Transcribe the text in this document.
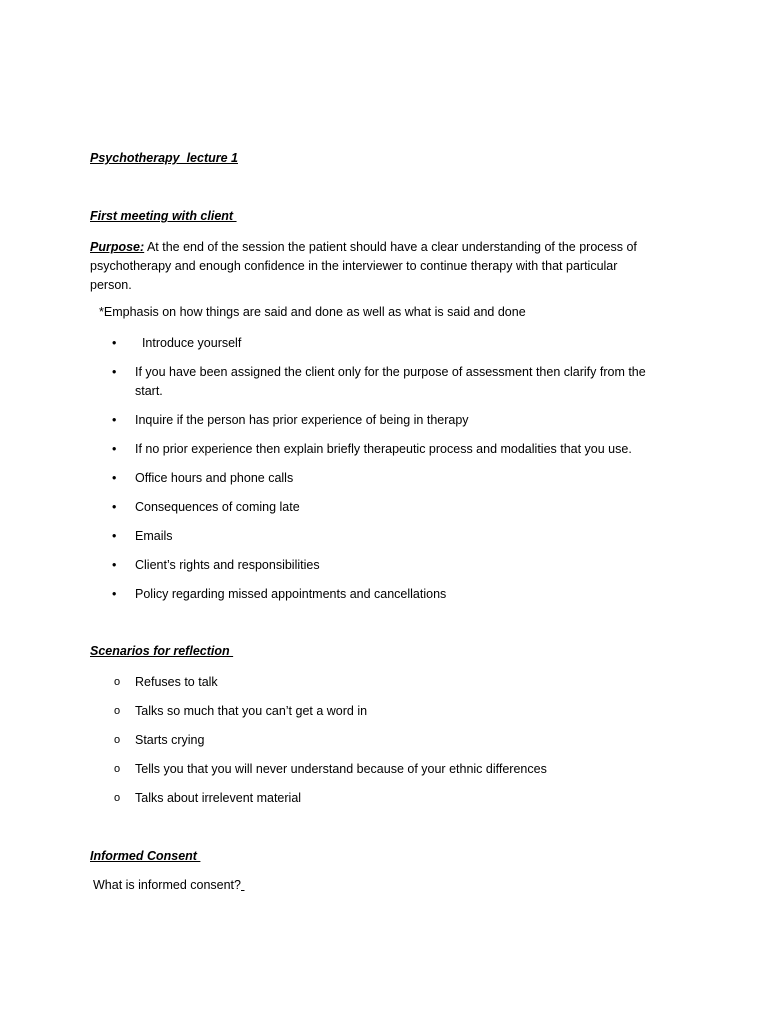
Psychotherapy  lecture 1
First meeting with client

Purpose: At the end of the session the patient should have a clear understanding of the process of psychotherapy and enough confidence in the interviewer to continue therapy with that particular person.

*Emphasis on how things are said and done as well as what is said and done
• Introduce yourself
• If you have been assigned the client only for the purpose of assessment then clarify from the start.
• Inquire if the person has prior experience of being in therapy
• If no prior experience then explain briefly therapeutic process and modalities that you use.
• Office hours and phone calls
• Consequences of coming late
• Emails
• Client’s rights and responsibilities
• Policy regarding missed appointments and cancellations
Scenarios for reflection
o Refuses to talk
o Talks so much that you can’t get a word in
o Starts crying
o Tells you that you will never understand because of your ethnic differences
o Talks about irrelevent material
Informed Consent
What is informed consent?
